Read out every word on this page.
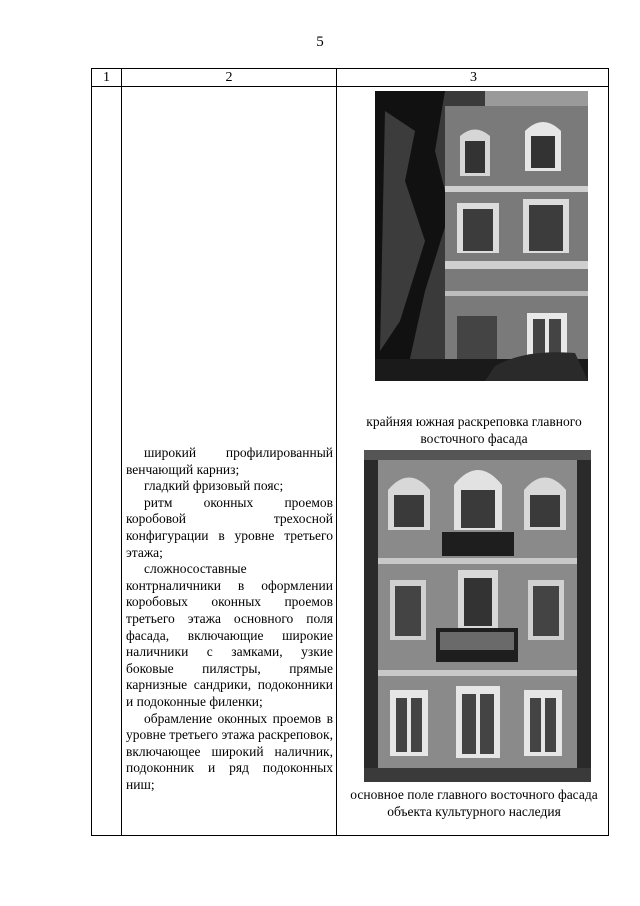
5
1	2	3

широкий профилированный венчающий карниз;

гладкий фризовый пояс;

ритм оконных проемов коробовой трехосной конфигурации в уровне третьего этажа;

сложносоставные контрналичники в оформлении коробовых оконных проемов третьего этажа основного поля фасада, включающие широкие наличники с замками, узкие боковые пилястры, прямые карнизные сандрики, подоконники и подоконные филенки;

обрамление оконных проемов в уровне третьего этажа раскреповок, включающее широкий наличник, подоконник и ряд подоконных ниш;

крайняя южная раскреповка главного восточного фасада
основное поле главного восточного фасада объекта культурного наследия
